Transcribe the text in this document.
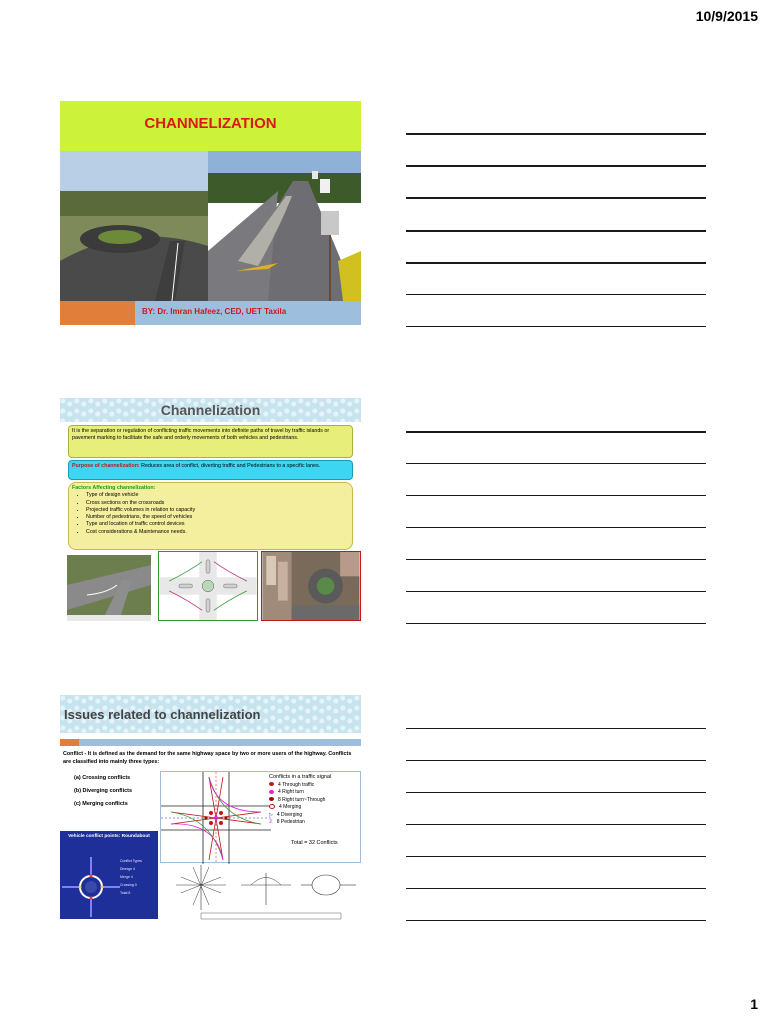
10/9/2015
CHANNELIZATION
BY: Dr. Imran Hafeez, CED, UET Taxila
Channelization
It is the separation or regulation of conflicting traffic movements into definite paths of travel by traffic islands or pavement marking to facilitate the safe and orderly movements of both vehicles and pedestrians.
Purpose of channelization: Reduces area of conflict, diverting traffic and Pedestrians to a specific lanes.
Factors Affecting channelization:
• Type of design vehicle
• Cross sections on the crossroads
• Projected traffic volumes in relation to capacity
• Number of pedestrians, the speed of vehicles
• Type and location of traffic control devices
• Cost considerations & Maintenance needs.
Issues related to channelization
Conflict - It is defined as the demand for the same highway space by two or more users of the highway. Conflicts are classified into mainly three types:
(a) Crossing conflicts
(b) Diverging conflicts
(c) Merging conflicts
Conflicts in a traffic signal
4 Through traffic
4 Right turn
8 Right turn~Through
4 Merging
▷ 4 Diverging
ℤ 8 Pedestrian
Total = 32 Conflicts
Vehicle conflict points: Roundabout
Conflict Types
Diverge 4
Merge 4
Crossing 0
Total 8
1
